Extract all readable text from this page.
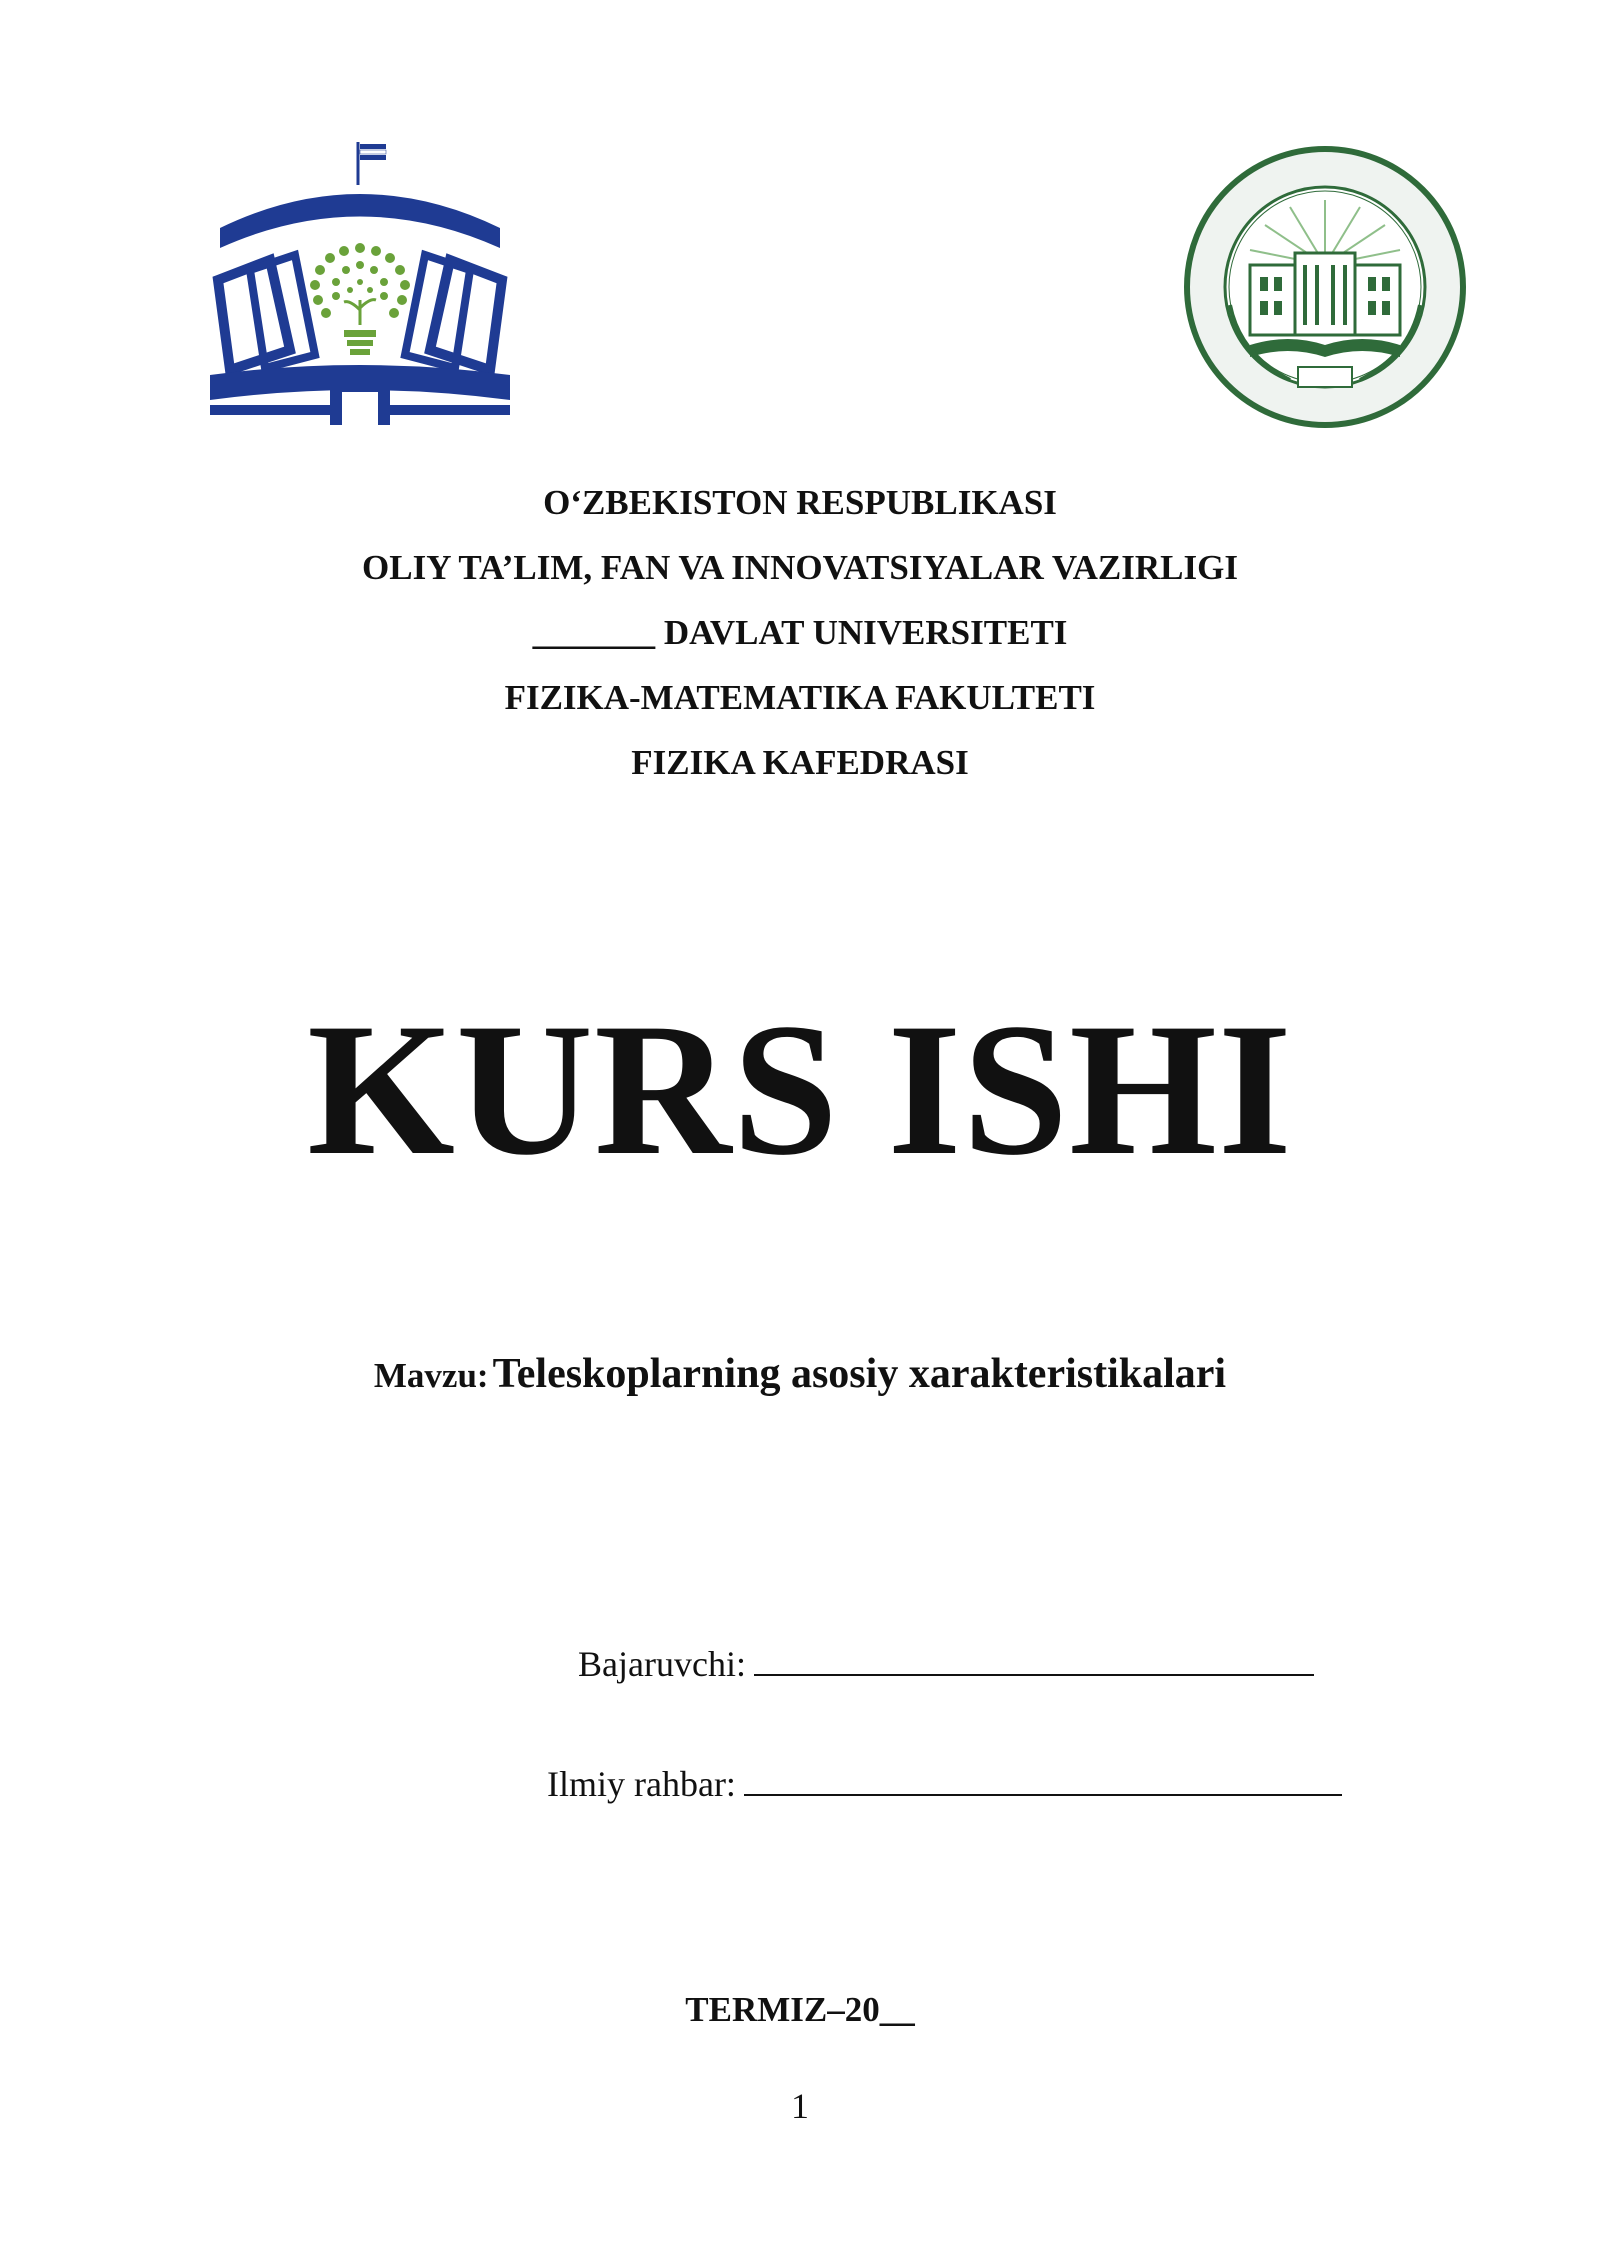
O‘ZBEKISTON RESPUBLIKASI
OLIY TA’LIM, FAN VA INNOVATSIYALAR VAZIRLIGI
_______ DAVLAT UNIVERSITETI
FIZIKA-MATEMATIKA FAKULTETI
FIZIKA KAFEDRASI
KURS ISHI
Mavzu: Teleskoplarning asosiy xarakteristikalari
Bajaruvchi:
Ilmiy rahbar:
TERMIZ–20__
1
